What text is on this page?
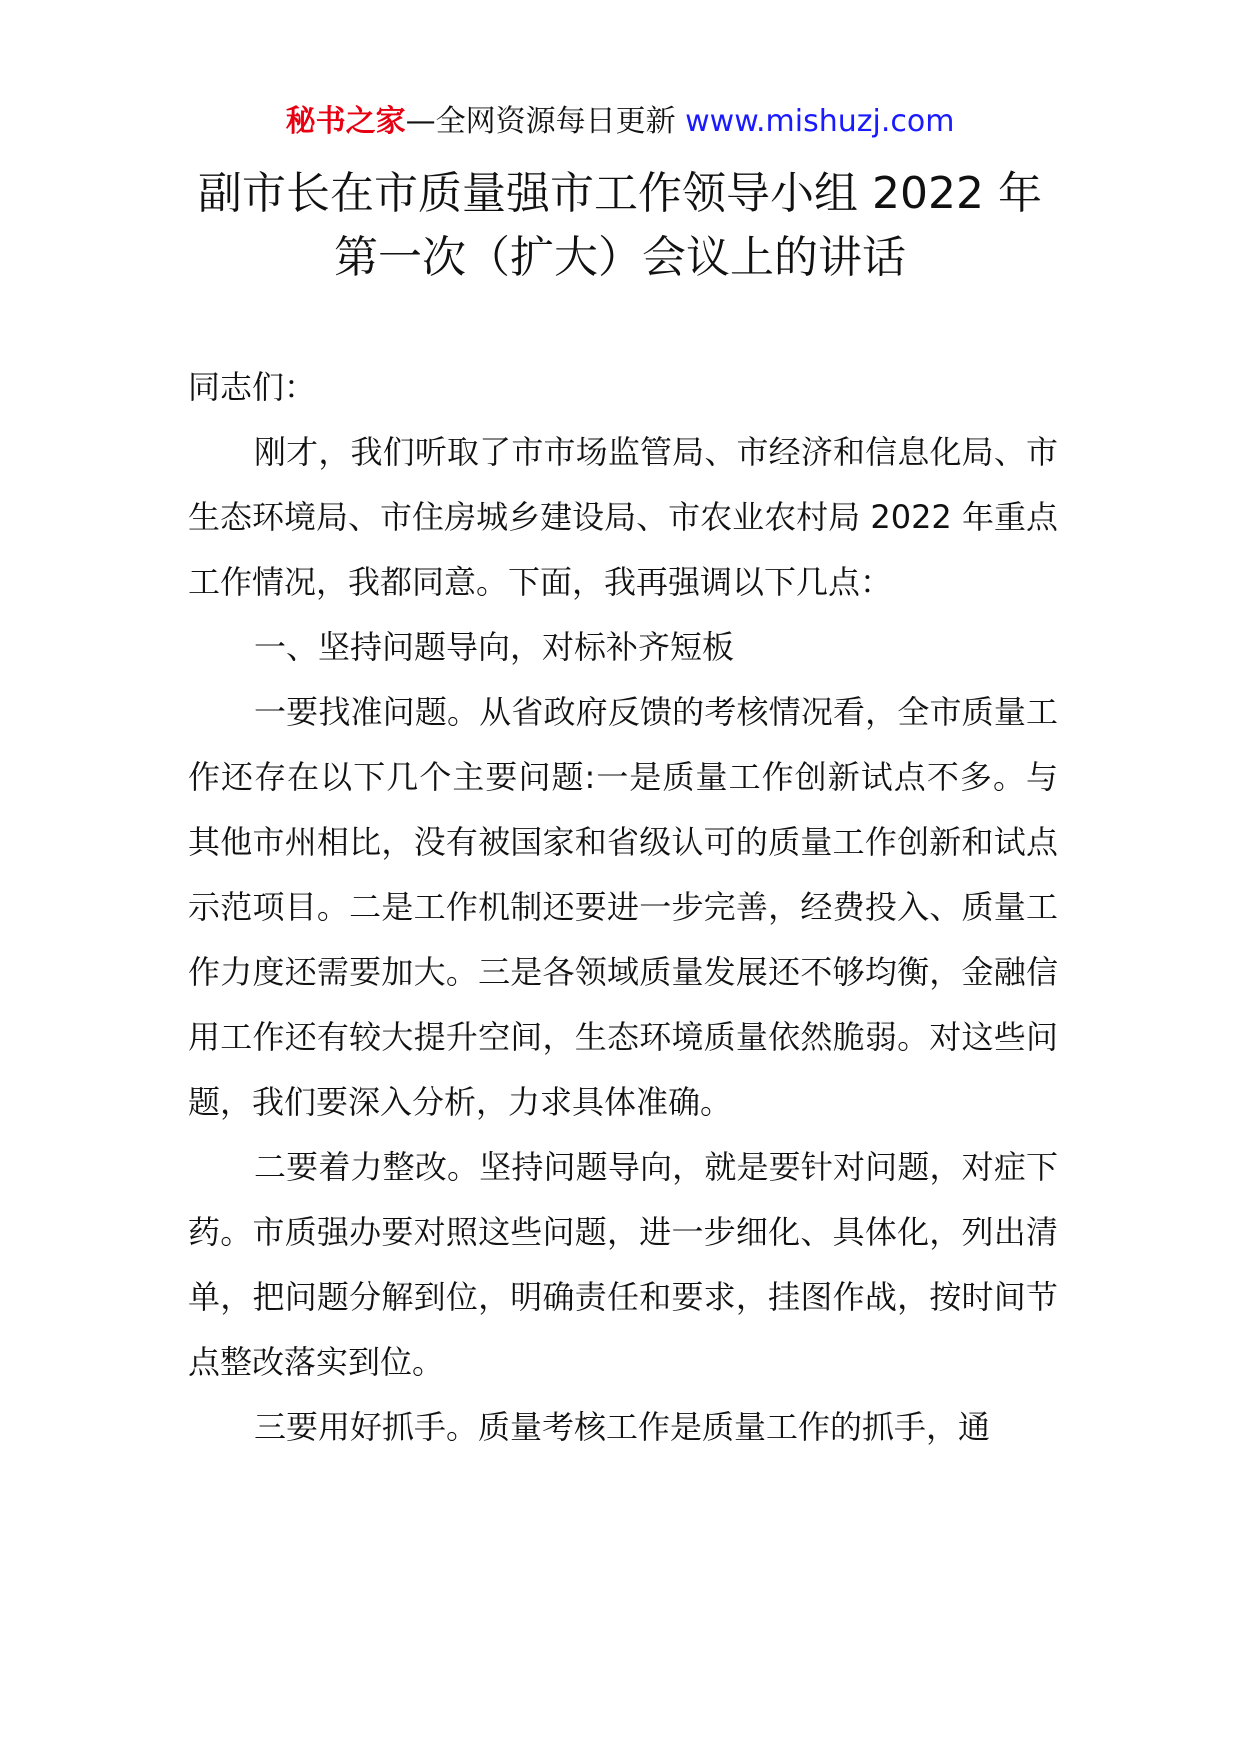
秘书之家—全网资源每日更新 www.mishuzj.com
副市长在市质量强市工作领导小组 2022 年
第一次（扩大）会议上的讲话

同志们：

刚才，我们听取了市市场监管局、市经济和信息化局、市生态环境局、市住房城乡建设局、市农业农村局 2022 年重点工作情况，我都同意。下面，我再强调以下几点：

一、坚持问题导向，对标补齐短板

一要找准问题。从省政府反馈的考核情况看，全市质量工作还存在以下几个主要问题:一是质量工作创新试点不多。与其他市州相比，没有被国家和省级认可的质量工作创新和试点示范项目。二是工作机制还要进一步完善，经费投入、质量工作力度还需要加大。三是各领域质量发展还不够均衡，金融信用工作还有较大提升空间，生态环境质量依然脆弱。对这些问题，我们要深入分析，力求具体准确。

二要着力整改。坚持问题导向，就是要针对问题，对症下药。市质强办要对照这些问题，进一步细化、具体化，列出清单，把问题分解到位，明确责任和要求，挂图作战，按时间节点整改落实到位。

三要用好抓手。质量考核工作是质量工作的抓手，通
